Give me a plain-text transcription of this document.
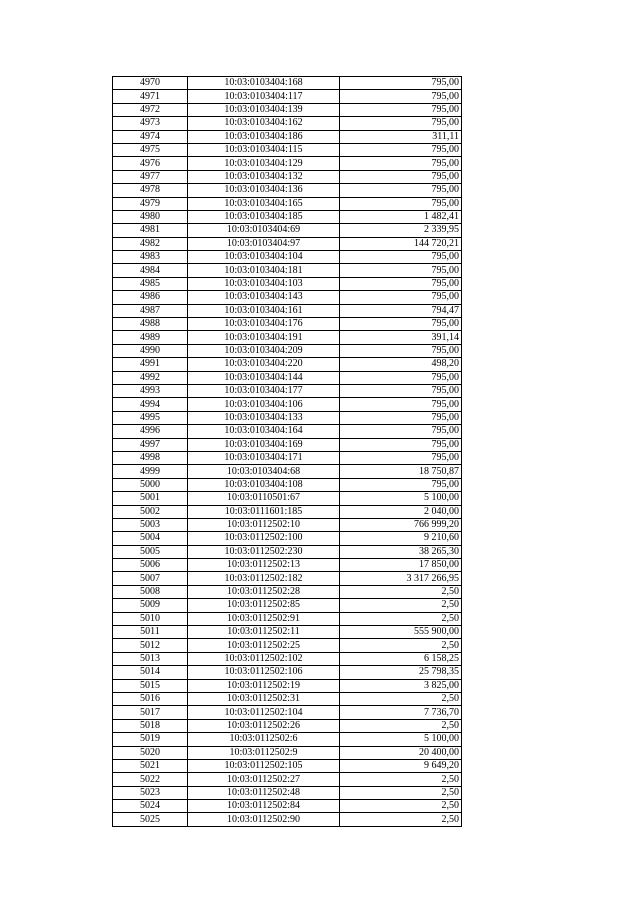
4970	10:03:0103404:168	795,00
4971	10:03:0103404:117	795,00
4972	10:03:0103404:139	795,00
4973	10:03:0103404:162	795,00
4974	10:03:0103404:186	311,11
4975	10:03:0103404:115	795,00
4976	10:03:0103404:129	795,00
4977	10:03:0103404:132	795,00
4978	10:03:0103404:136	795,00
4979	10:03:0103404:165	795,00
4980	10:03:0103404:185	1 482,41
4981	10:03:0103404:69	2 339,95
4982	10:03:0103404:97	144 720,21
4983	10:03:0103404:104	795,00
4984	10:03:0103404:181	795,00
4985	10:03:0103404:103	795,00
4986	10:03:0103404:143	795,00
4987	10:03:0103404:161	794,47
4988	10:03:0103404:176	795,00
4989	10:03:0103404:191	391,14
4990	10:03:0103404:209	795,00
4991	10:03:0103404:220	498,20
4992	10:03:0103404:144	795,00
4993	10:03:0103404:177	795,00
4994	10:03:0103404:106	795,00
4995	10:03:0103404:133	795,00
4996	10:03:0103404:164	795,00
4997	10:03:0103404:169	795,00
4998	10:03:0103404:171	795,00
4999	10:03:0103404:68	18 750,87
5000	10:03:0103404:108	795,00
5001	10:03:0110501:67	5 100,00
5002	10:03:0111601:185	2 040,00
5003	10:03:0112502:10	766 999,20
5004	10:03:0112502:100	9 210,60
5005	10:03:0112502:230	38 265,30
5006	10:03:0112502:13	17 850,00
5007	10:03:0112502:182	3 317 266,95
5008	10:03:0112502:28	2,50
5009	10:03:0112502:85	2,50
5010	10:03:0112502:91	2,50
5011	10:03:0112502:11	555 900,00
5012	10:03:0112502:25	2,50
5013	10:03:0112502:102	6 158,25
5014	10:03:0112502:106	25 798,35
5015	10:03:0112502:19	3 825,00
5016	10:03:0112502:31	2,50
5017	10:03:0112502:104	7 736,70
5018	10:03:0112502:26	2,50
5019	10:03:0112502:6	5 100,00
5020	10:03:0112502:9	20 400,00
5021	10:03:0112502:105	9 649,20
5022	10:03:0112502:27	2,50
5023	10:03:0112502:48	2,50
5024	10:03:0112502:84	2,50
5025	10:03:0112502:90	2,50
